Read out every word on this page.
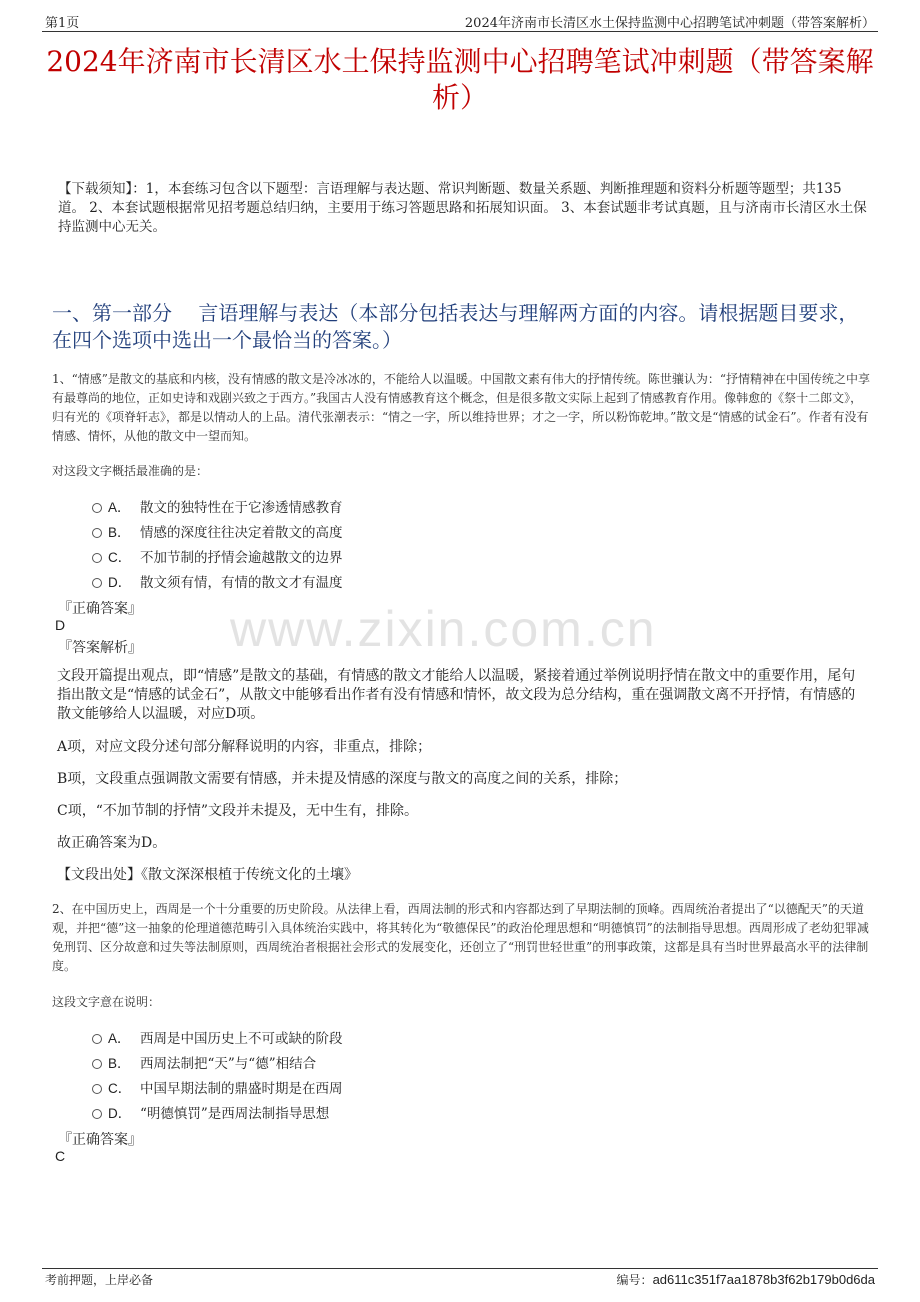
第1页	2024年济南市长清区水土保持监测中心招聘笔试冲刺题（带答案解析）
2024年济南市长清区水土保持监测中心招聘笔试冲刺题（带答案解析）
【下载须知】：1，本套练习包含以下题型：言语理解与表达题、常识判断题、数量关系题、判断推理题和资料分析题等题型；共135道。 2、本套试题根据常见招考题总结归纳，主要用于练习答题思路和拓展知识面。 3、本套试题非考试真题，且与济南市长清区水土保持监测中心无关。
一、第一部分　 言语理解与表达（本部分包括表达与理解两方面的内容。请根据题目要求，在四个选项中选出一个最恰当的答案。）
www.zixin.com.cn
1、“情感”是散文的基底和内核，没有情感的散文是冷冰冰的，不能给人以温暖。中国散文素有伟大的抒情传统。陈世骧认为：“抒情精神在中国传统之中享有最尊尚的地位，正如史诗和戏剧兴致之于西方。”我国古人没有情感教育这个概念，但是很多散文实际上起到了情感教育作用。像韩愈的《祭十二郎文》，归有光的《项脊轩志》，都是以情动人的上品。清代张潮表示：“情之一字，所以维持世界；才之一字，所以粉饰乾坤。”散文是“情感的试金石”。作者有没有情感、情怀，从他的散文中一望而知。
对这段文字概括最准确的是：
A． 散文的独特性在于它渗透情感教育
B． 情感的深度往往决定着散文的高度
C． 不加节制的抒情会逾越散文的边界
D． 散文须有情，有情的散文才有温度
『正确答案』
D
『答案解析』
文段开篇提出观点，即“情感”是散文的基础，有情感的散文才能给人以温暖，紧接着通过举例说明抒情在散文中的重要作用，尾句指出散文是“情感的试金石”，从散文中能够看出作者有没有情感和情怀，故文段为总分结构，重在强调散文离不开抒情，有情感的散文能够给人以温暖，对应D项。
A项，对应文段分述句部分解释说明的内容，非重点，排除；
B项，文段重点强调散文需要有情感，并未提及情感的深度与散文的高度之间的关系，排除；
C项，“不加节制的抒情”文段并未提及，无中生有，排除。
故正确答案为D。
【文段出处】《散文深深根植于传统文化的土壤》
2、在中国历史上，西周是一个十分重要的历史阶段。从法律上看，西周法制的形式和内容都达到了早期法制的顶峰。西周统治者提出了“以德配天”的天道观，并把“德”这一抽象的伦理道德范畴引入具体统治实践中，将其转化为“敬德保民”的政治伦理思想和“明德慎罚”的法制指导思想。西周形成了老幼犯罪减免刑罚、区分故意和过失等法制原则，西周统治者根据社会形式的发展变化，还创立了“刑罚世轻世重”的刑事政策，这都是具有当时世界最高水平的法律制度。
这段文字意在说明：
A． 西周是中国历史上不可或缺的阶段
B． 西周法制把“天”与“德”相结合
C． 中国早期法制的鼎盛时期是在西周
D． “明德慎罚”是西周法制指导思想
『正确答案』
C
考前押题，上岸必备	编号：ad611c351f7aa1878b3f62b179b0d6da
